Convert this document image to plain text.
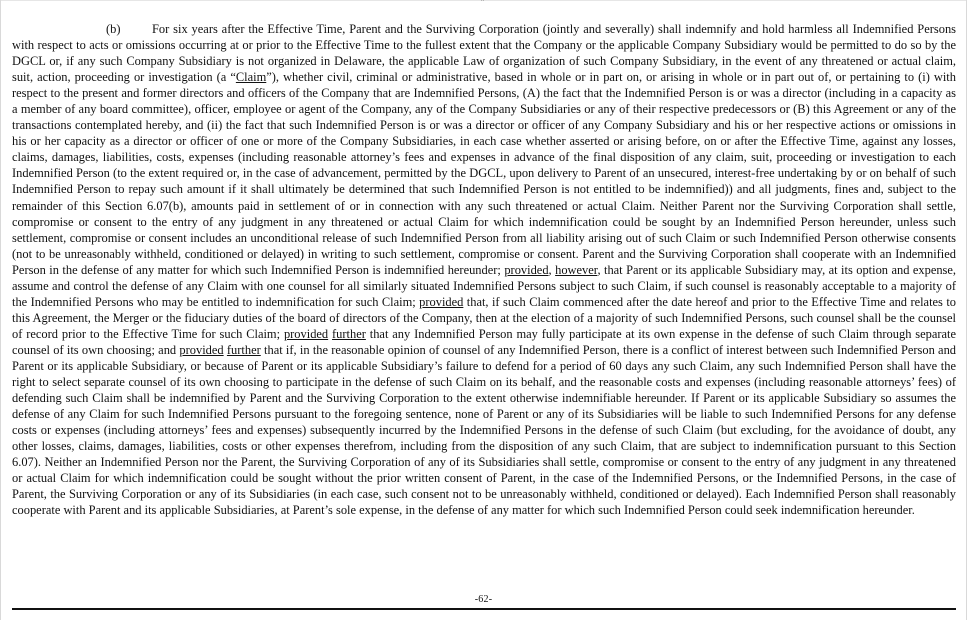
..

(b)	For six years after the Effective Time, Parent and the Surviving Corporation (jointly and severally) shall indemnify and hold harmless all Indemnified Persons with respect to acts or omissions occurring at or prior to the Effective Time to the fullest extent that the Company or the applicable Company Subsidiary would be permitted to do so by the DGCL or, if any such Company Subsidiary is not organized in Delaware, the applicable Law of organization of such Company Subsidiary, in the event of any threatened or actual claim, suit, action, proceeding or investigation (a “Claim”), whether civil, criminal or administrative, based in whole or in part on, or arising in whole or in part out of, or pertaining to (i) with respect to the present and former directors and officers of the Company that are Indemnified Persons, (A) the fact that the Indemnified Person is or was a director (including in a capacity as a member of any board committee), officer, employee or agent of the Company, any of the Company Subsidiaries or any of their respective predecessors or (B) this Agreement or any of the transactions contemplated hereby, and (ii) the fact that such Indemnified Person is or was a director or officer of any Company Subsidiary and his or her respective actions or omissions in his or her capacity as a director or officer of one or more of the Company Subsidiaries, in each case whether asserted or arising before, on or after the Effective Time, against any losses, claims, damages, liabilities, costs, expenses (including reasonable attorney’s fees and expenses in advance of the final disposition of any claim, suit, proceeding or investigation to each Indemnified Person (to the extent required or, in the case of advancement, permitted by the DGCL, upon delivery to Parent of an unsecured, interest-free undertaking by or on behalf of such Indemnified Person to repay such amount if it shall ultimately be determined that such Indemnified Person is not entitled to be indemnified)) and all judgments, fines and, subject to the remainder of this Section 6.07(b), amounts paid in settlement of or in connection with any such threatened or actual Claim. Neither Parent nor the Surviving Corporation shall settle, compromise or consent to the entry of any judgment in any threatened or actual Claim for which indemnification could be sought by an Indemnified Person hereunder, unless such settlement, compromise or consent includes an unconditional release of such Indemnified Person from all liability arising out of such Claim or such Indemnified Person otherwise consents (not to be unreasonably withheld, conditioned or delayed) in writing to such settlement, compromise or consent. Parent and the Surviving Corporation shall cooperate with an Indemnified Person in the defense of any matter for which such Indemnified Person is indemnified hereunder; provided, however, that Parent or its applicable Subsidiary may, at its option and expense, assume and control the defense of any Claim with one counsel for all similarly situated Indemnified Persons subject to such Claim, if such counsel is reasonably acceptable to a majority of the Indemnified Persons who may be entitled to indemnification for such Claim; provided that, if such Claim commenced after the date hereof and prior to the Effective Time and relates to this Agreement, the Merger or the fiduciary duties of the board of directors of the Company, then at the election of a majority of such Indemnified Persons, such counsel shall be the counsel of record prior to the Effective Time for such Claim; provided further that any Indemnified Person may fully participate at its own expense in the defense of such Claim through separate counsel of its own choosing; and provided further that if, in the reasonable opinion of counsel of any Indemnified Person, there is a conflict of interest between such Indemnified Person and Parent or its applicable Subsidiary, or because of Parent or its applicable Subsidiary’s failure to defend for a period of 60 days any such Claim, any such Indemnified Person shall have the right to select separate counsel of its own choosing to participate in the defense of such Claim on its behalf, and the reasonable costs and expenses (including reasonable attorneys’ fees) of defending such Claim shall be indemnified by Parent and the Surviving Corporation to the extent otherwise indemnifiable hereunder. If Parent or its applicable Subsidiary so assumes the defense of any Claim for such Indemnified Persons pursuant to the foregoing sentence, none of Parent or any of its Subsidiaries will be liable to such Indemnified Persons for any defense costs or expenses (including attorneys’ fees and expenses) subsequently incurred by the Indemnified Persons in the defense of such Claim (but excluding, for the avoidance of doubt, any other losses, claims, damages, liabilities, costs or other expenses therefrom, including from the disposition of any such Claim, that are subject to indemnification pursuant to this Section 6.07). Neither an Indemnified Person nor the Parent, the Surviving Corporation of any of its Subsidiaries shall settle, compromise or consent to the entry of any judgment in any threatened or actual Claim for which indemnification could be sought without the prior written consent of Parent, in the case of the Indemnified Persons, or the Indemnified Persons, in the case of Parent, the Surviving Corporation or any of its Subsidiaries (in each case, such consent not to be unreasonably withheld, conditioned or delayed). Each Indemnified Person shall reasonably cooperate with Parent and its applicable Subsidiaries, at Parent’s sole expense, in the defense of any matter for which such Indemnified Person could seek indemnification hereunder.

-62-
